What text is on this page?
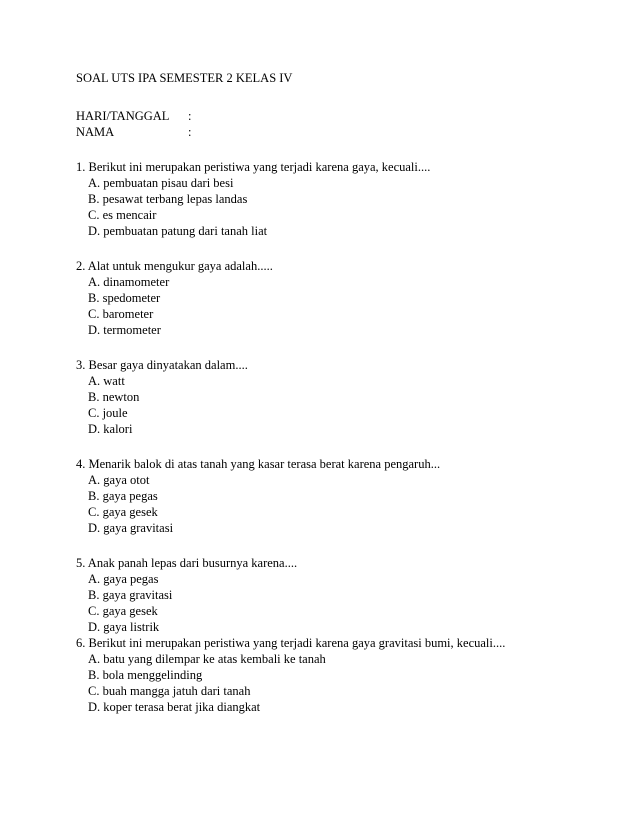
SOAL UTS IPA SEMESTER 2 KELAS IV
HARI/TANGGAL :
NAMA	:
1. Berikut ini merupakan peristiwa yang terjadi karena gaya, kecuali....
A. pembuatan pisau dari besi
B. pesawat terbang lepas landas
C. es mencair
D. pembuatan patung dari tanah liat
2. Alat untuk mengukur gaya adalah.....
A. dinamometer
B. spedometer
C. barometer
D. termometer
3. Besar gaya dinyatakan dalam....
A. watt
B. newton
C. joule
D. kalori
4. Menarik balok di atas tanah yang kasar terasa berat karena pengaruh...
A. gaya otot
B. gaya pegas
C. gaya gesek
D. gaya gravitasi
5. Anak panah lepas dari busurnya karena....
A. gaya pegas
B. gaya gravitasi
C. gaya gesek
D. gaya listrik
6. Berikut ini merupakan peristiwa yang terjadi karena gaya gravitasi bumi, kecuali....
A. batu yang dilempar ke atas kembali ke tanah
B. bola menggelinding
C. buah mangga jatuh dari tanah
D. koper terasa berat jika diangkat
